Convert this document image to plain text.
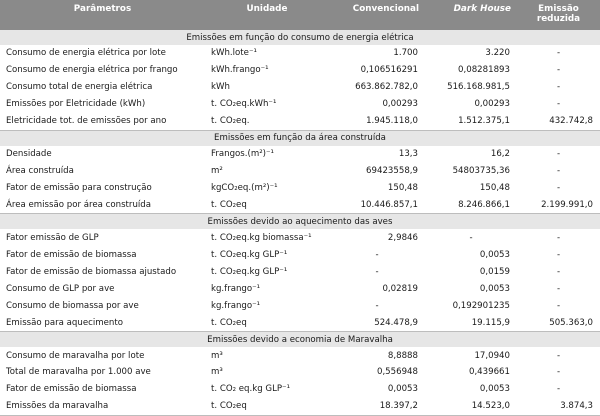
Parâmetros	Unidade	Convencional	Dark House	Emissão reduzida
Emissões em função do consumo de energia elétrica				
Consumo de energia elétrica por lote	kWh.lote⁻¹	1.700	3.220	-
Consumo de energia elétrica por frango	kWh.frango⁻¹	0,106516291	0,08281893	-
Consumo total de energia elétrica	kWh	663.862.782,0	516.168.981,5	-
Emissões por Eletricidade (kWh)	t. CO₂eq.kWh⁻¹	0,00293	0,00293	-
Eletricidade tot. de emissões por ano	t. CO₂eq.	1.945.118,0	1.512.375,1	432.742,8
Emissões em função da área construída				
Densidade	Frangos.(m²)⁻¹	13,3	16,2	-
Área construída	m²	69423558,9	54803735,36	-
Fator de emissão para construção	kgCO₂eq.(m²)⁻¹	150,48	150,48	-
Área emissão por área construída	t. CO₂eq	10.446.857,1	8.246.866,1	2.199.991,0
Emissões devido ao aquecimento das aves				
Fator emissão de GLP	t. CO₂eq.kg biomassa⁻¹	2,9846	-	-
Fator de emissão de biomassa	t. CO₂eq.kg GLP⁻¹	-	0,0053	-
Fator de emissão de biomassa ajustado	t. CO₂eq.kg GLP⁻¹	-	0,0159	-
Consumo de GLP por ave	kg.frango⁻¹	0,02819	0,0053	-
Consumo de biomassa por ave	kg.frango⁻¹	-	0,192901235	-
Emissão para aquecimento	t. CO₂eq	524.478,9	19.115,9	505.363,0
Emissões devido a economia de Maravalha				
Consumo de maravalha por lote	m³	8,8888	17,0940	-
Total de maravalha por 1.000 ave	m³	0,556948	0,439661	-
Fator de emissão de biomassa	t. CO₂ eq.kg GLP⁻¹	0,0053	0,0053	-
Emissões da maravalha	t. CO₂eq	18.397,2	14.523,0	3.874,3
